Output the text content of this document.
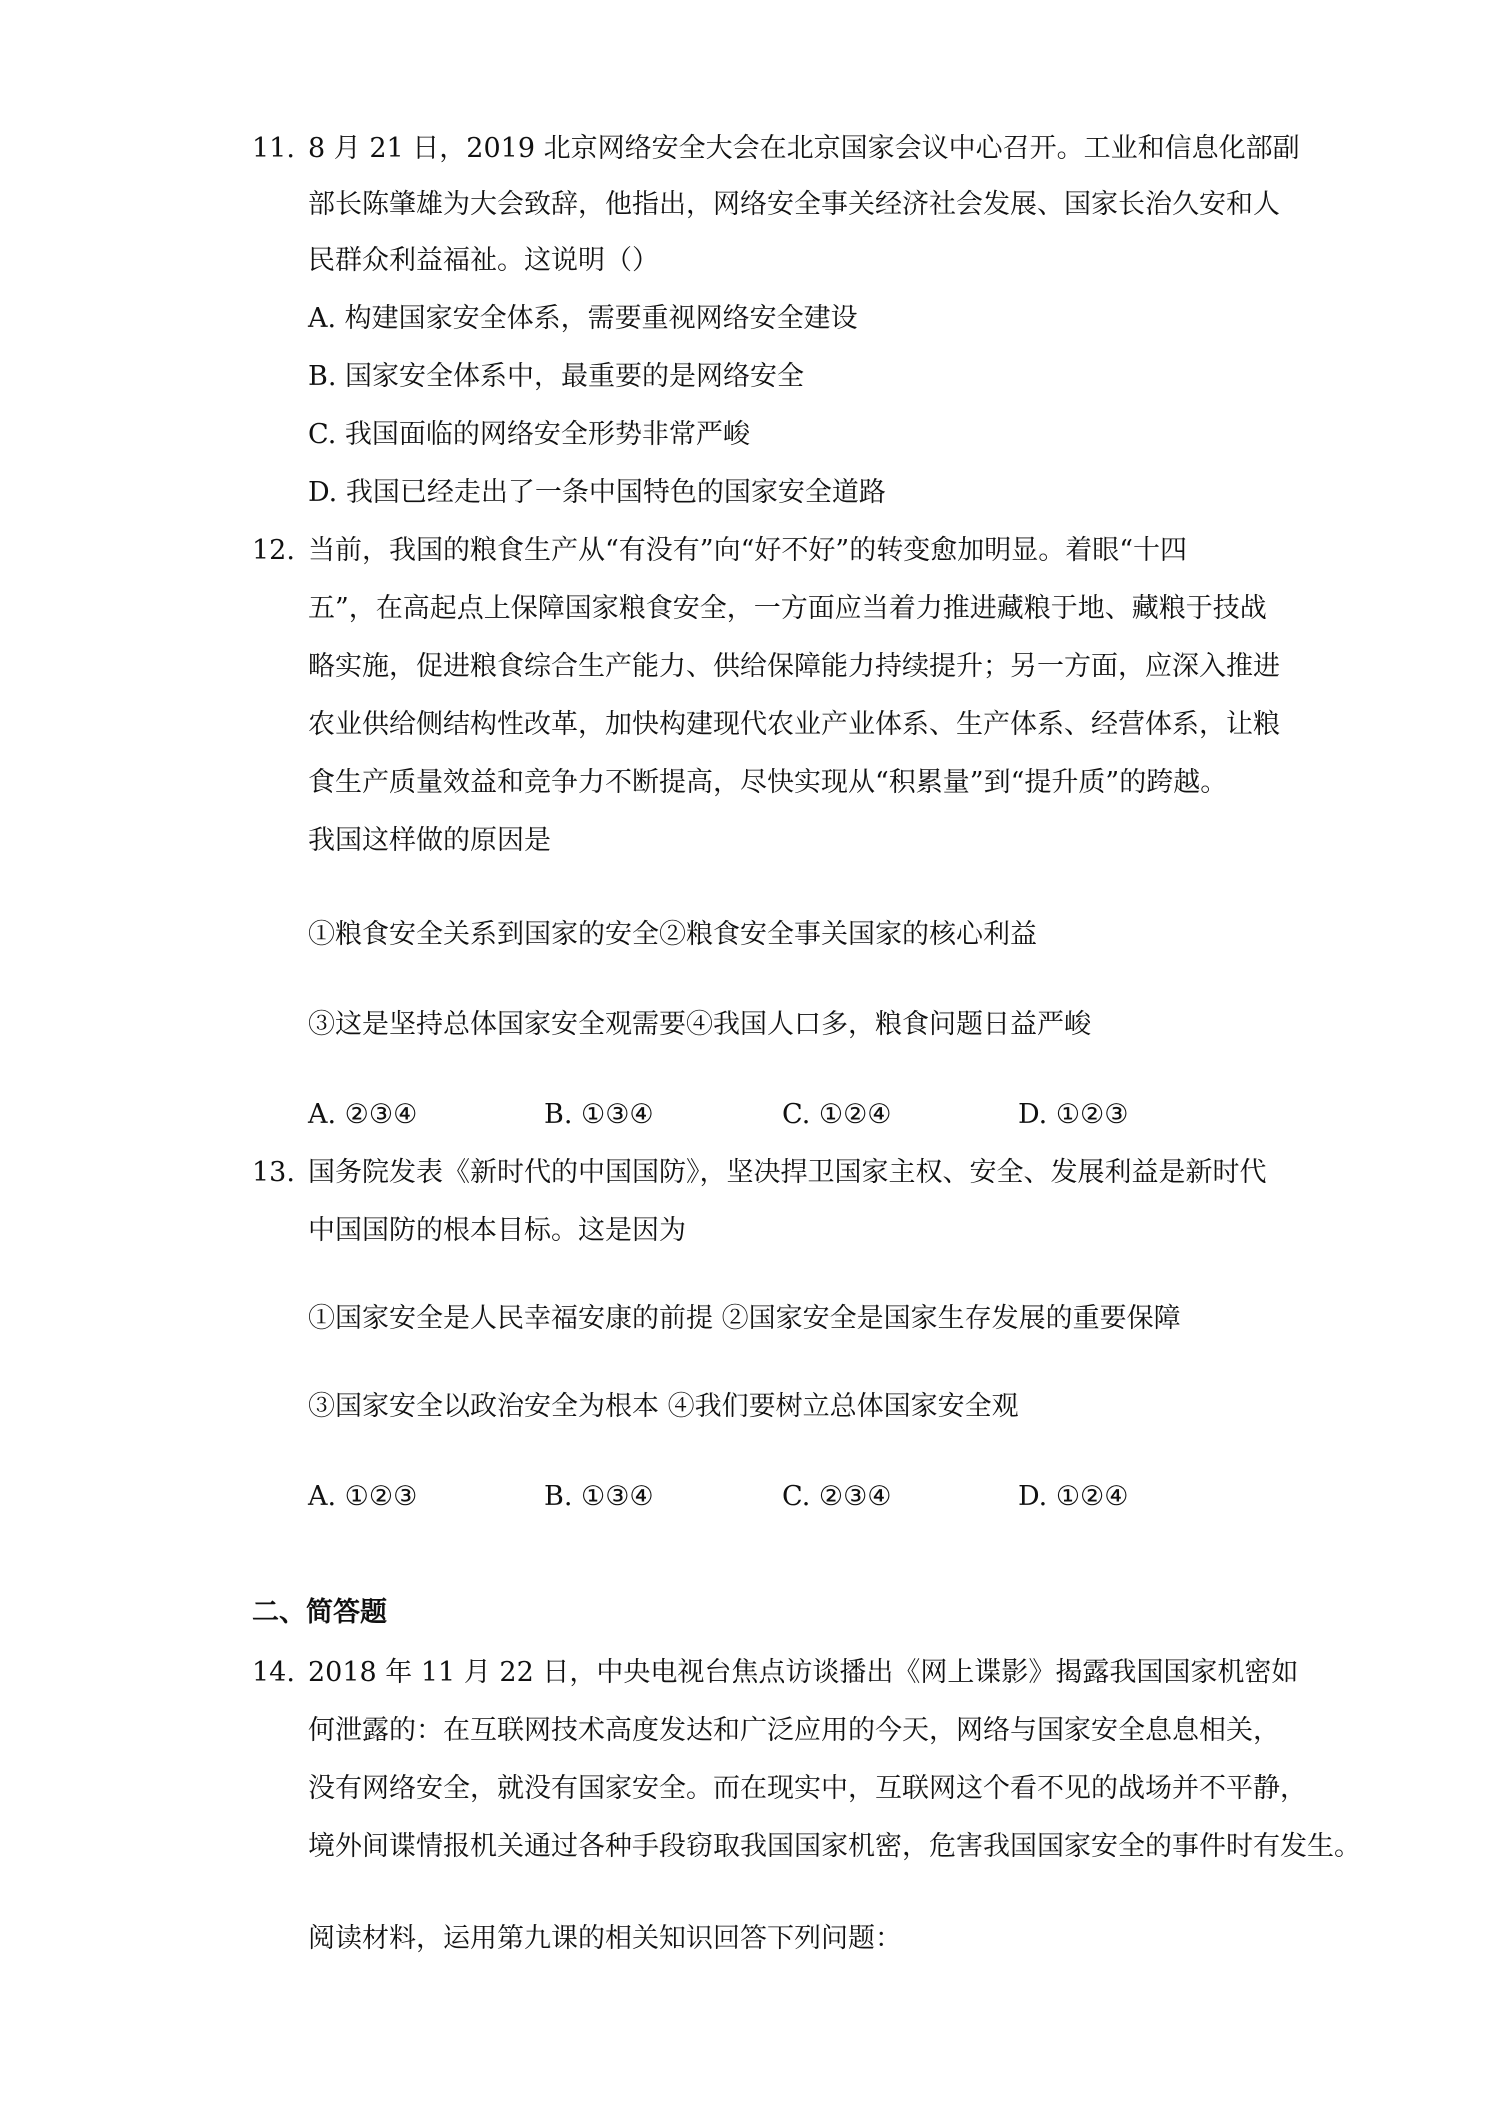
11. 8 月 21 日，2019 北京网络安全大会在北京国家会议中心召开。工业和信息化部副
部长陈肇雄为大会致辞，他指出，网络安全事关经济社会发展、国家长治久安和人
民群众利益福祉。这说明（）
A. 构建国家安全体系，需要重视网络安全建设
B. 国家安全体系中，最重要的是网络安全
C. 我国面临的网络安全形势非常严峻
D. 我国已经走出了一条中国特色的国家安全道路
12. 当前，我国的粮食生产从“有没有”向“好不好”的转变愈加明显。着眼“十四
五”，在高起点上保障国家粮食安全，一方面应当着力推进藏粮于地、藏粮于技战
略实施，促进粮食综合生产能力、供给保障能力持续提升；另一方面，应深入推进
农业供给侧结构性改革，加快构建现代农业产业体系、生产体系、经营体系，让粮
食生产质量效益和竞争力不断提高，尽快实现从“积累量”到“提升质”的跨越。
我国这样做的原因是
①粮食安全关系到国家的安全②粮食安全事关国家的核心利益
③这是坚持总体国家安全观需要④我国人口多，粮食问题日益严峻
A. ②③④	B. ①③④	C. ①②④	D. ①②③
13. 国务院发表《新时代的中国国防》，坚决捍卫国家主权、安全、发展利益是新时代
中国国防的根本目标。这是因为
①国家安全是人民幸福安康的前提 ②国家安全是国家生存发展的重要保障
③国家安全以政治安全为根本 ④我们要树立总体国家安全观
A. ①②③	B. ①③④	C. ②③④	D. ①②④
二、简答题
14. 2018 年 11 月 22 日，中央电视台焦点访谈播出《网上谍影》揭露我国国家机密如
何泄露的：在互联网技术高度发达和广泛应用的今天，网络与国家安全息息相关，
没有网络安全，就没有国家安全。而在现实中，互联网这个看不见的战场并不平静，
境外间谍情报机关通过各种手段窃取我国国家机密，危害我国国家安全的事件时有发生。
阅读材料，运用第九课的相关知识回答下列问题：
